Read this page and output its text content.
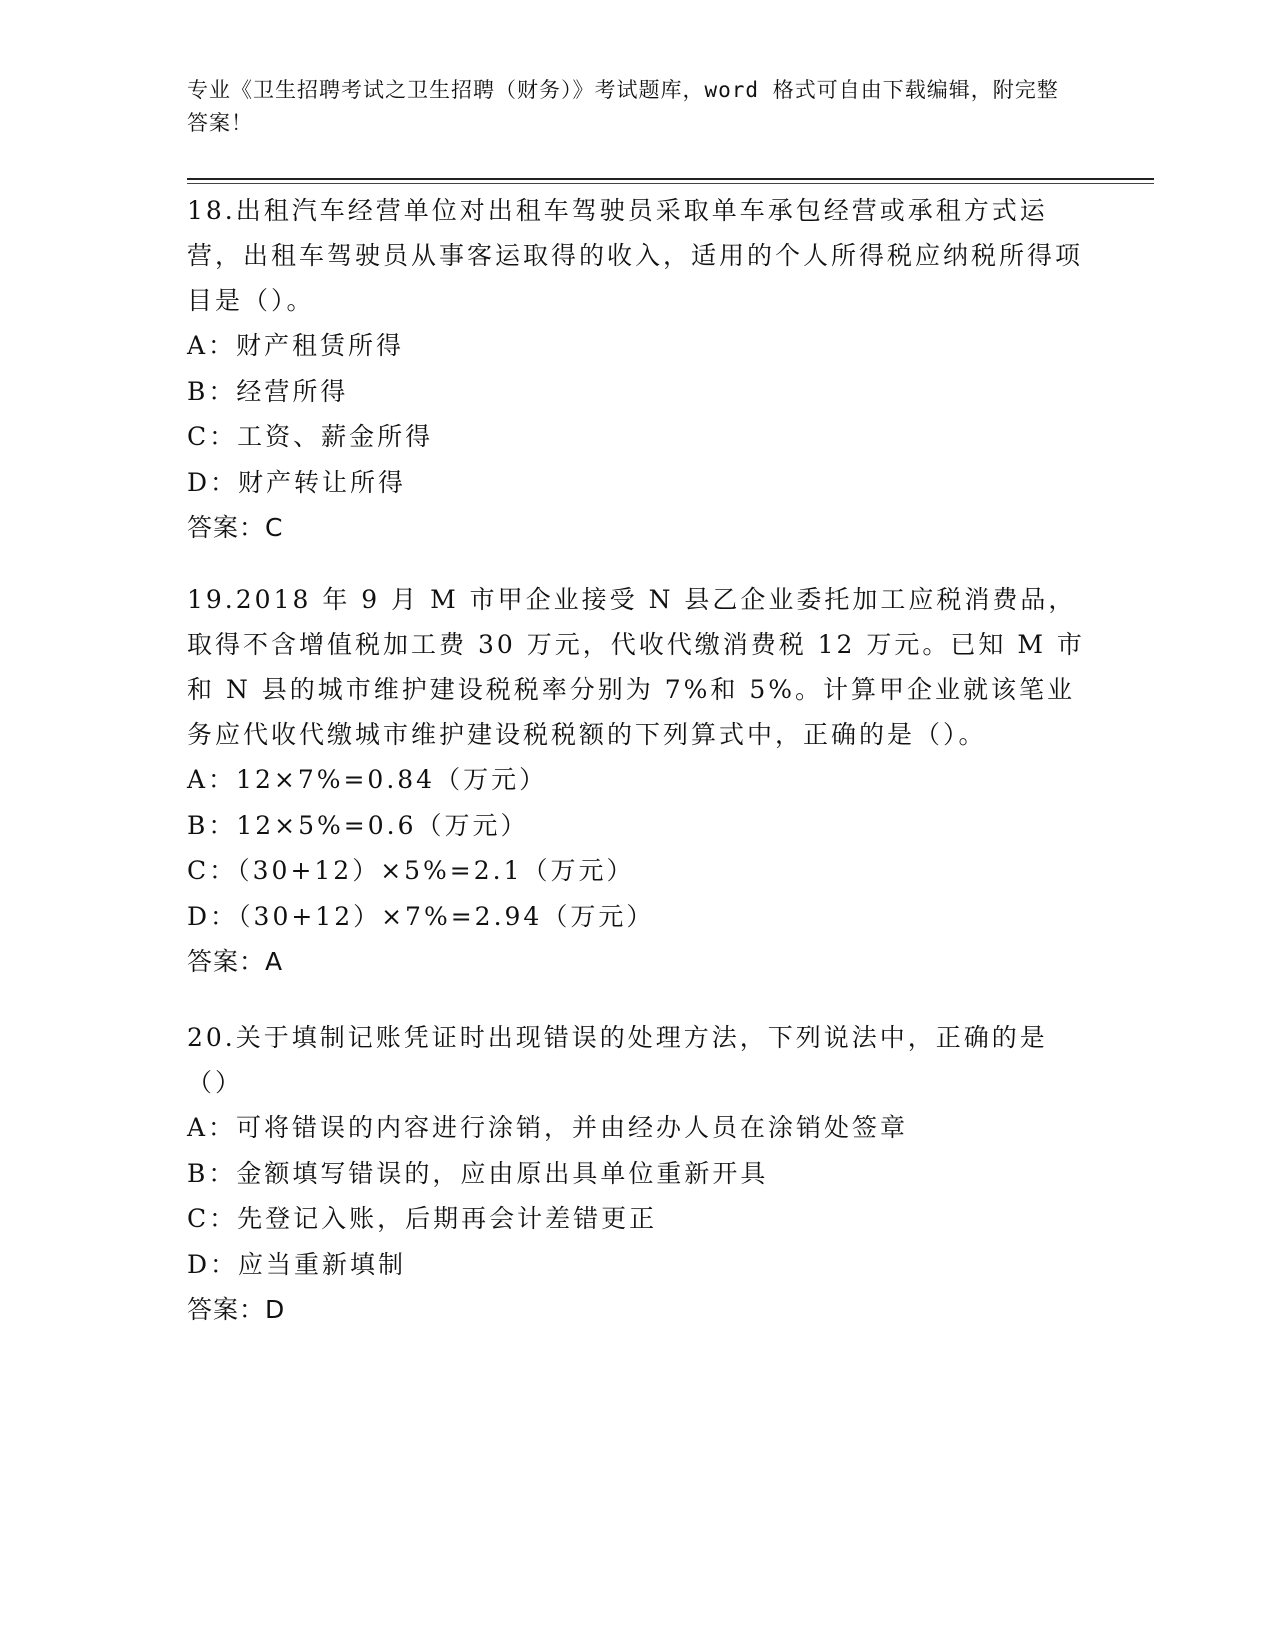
专业《卫生招聘考试之卫生招聘（财务）》考试题库，word 格式可自由下载编辑，附完整答案！

18.出租汽车经营单位对出租车驾驶员采取单车承包经营或承租方式运营，出租车驾驶员从事客运取得的收入，适用的个人所得税应纳税所得项目是（）。

A：财产租赁所得

B：经营所得

C：工资、薪金所得

D：财产转让所得

答案：C

19.2018 年 9 月 M 市甲企业接受 N 县乙企业委托加工应税消费品，取得不含增值税加工费 30 万元，代收代缴消费税 12 万元。已知 M 市和 N 县的城市维护建设税税率分别为 7%和 5%。计算甲企业就该笔业务应代收代缴城市维护建设税税额的下列算式中，正确的是（）。

A：12×7%=0.84（万元）

B：12×5%=0.6（万元）

C：（30+12）×5%=2.1（万元）

D：（30+12）×7%=2.94（万元）

答案：A

20.关于填制记账凭证时出现错误的处理方法，下列说法中，正确的是（）

A：可将错误的内容进行涂销，并由经办人员在涂销处签章

B：金额填写错误的，应由原出具单位重新开具

C：先登记入账，后期再会计差错更正

D：应当重新填制

答案：D
